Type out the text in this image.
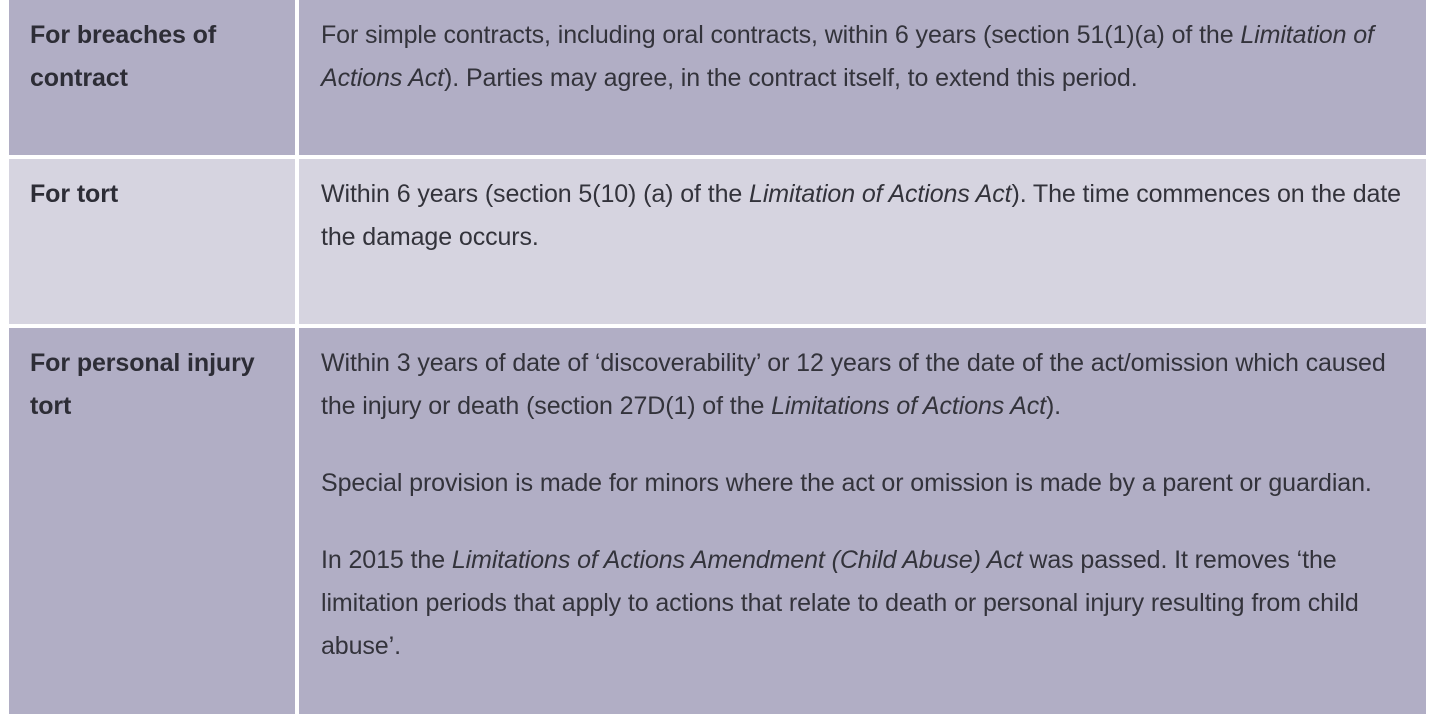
For breaches of contract

For simple contracts, including oral contracts, within 6 years (section 51(1)(a) of the Limitation of Actions Act). Parties may agree, in the contract itself, to extend this period.

For tort	Within 6 years (section 5(10) (a) of the Limitation of Actions Act). The time commences on the date the damage occurs.

For personal injury tort

Within 3 years of date of ‘discoverability’ or 12 years of the date of the act/omission which caused the injury or death (section 27D(1) of the Limitations of Actions Act).

Special provision is made for minors where the act or omission is made by a parent or guardian.

In 2015 the Limitations of Actions Amendment (Child Abuse) Act was passed. It removes ‘the limitation periods that apply to actions that relate to death or personal injury resulting from child abuse’.
